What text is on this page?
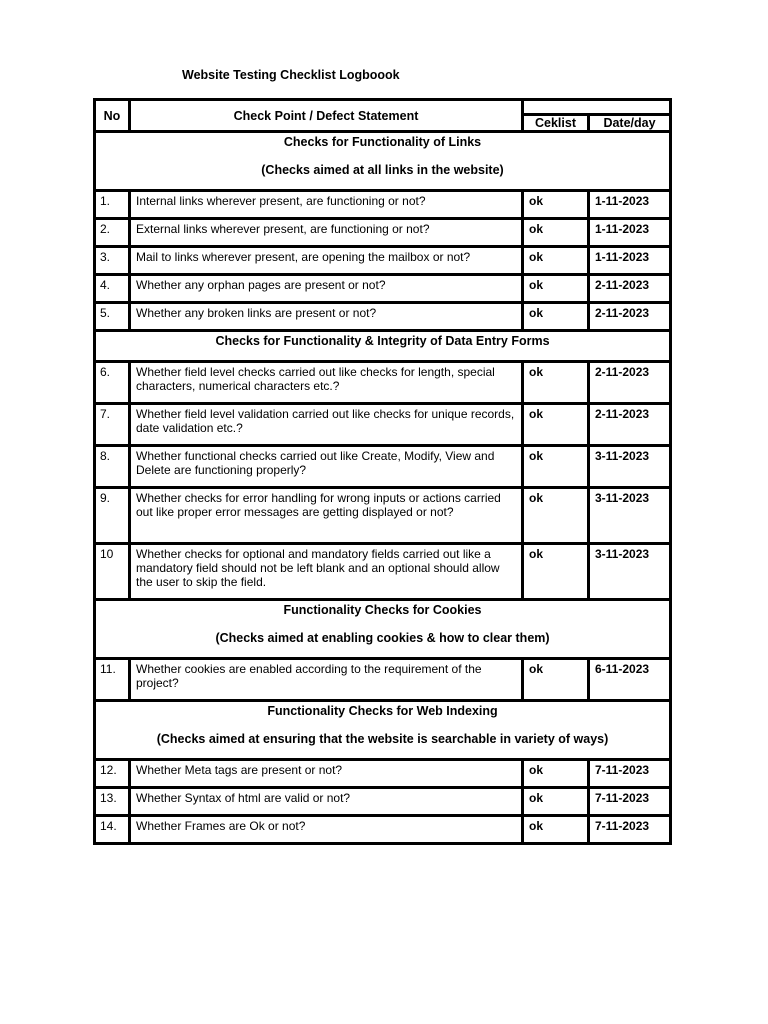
Website Testing Checklist Logboook
No	Check Point / Defect Statement		
		Ceklist	Date/day

Checks for Functionality of Links
(Checks aimed at all links in the website)			

1.	Internal links wherever present, are functioning or not?	ok	1-11-2023
2.	External links wherever present, are functioning or not?	ok	1-11-2023
3.	Mail to links wherever present, are opening the mailbox or not?	ok	1-11-2023
4.	Whether any orphan pages are present or not?	ok	2-11-2023
5.	Whether any broken links are present or not?	ok	2-11-2023

Checks for Functionality & Integrity of Data Entry Forms			

6.	Whether field level checks carried out like checks for length, special characters, numerical characters etc.?	ok	2-11-2023
7.	Whether field level validation carried out like checks for unique records, date validation etc.?	ok	2-11-2023
8.	Whether functional checks carried out like Create, Modify, View and Delete are functioning properly?	ok	3-11-2023
9.	Whether checks for error handling for wrong inputs or actions carried out like proper error messages are getting displayed or not?	ok	3-11-2023
10	Whether checks for optional and mandatory fields carried out like a mandatory field should not be left blank and an optional should allow the user to skip the field.	ok	3-11-2023

Functionality Checks for Cookies
(Checks aimed at enabling cookies & how to clear them)			

11.	Whether cookies are enabled according to the requirement of the project?	ok	6-11-2023

Functionality Checks for Web Indexing
(Checks aimed at ensuring that the website is searchable in variety of ways)			

12.	Whether Meta tags are present or not?	ok	7-11-2023
13.	Whether Syntax of html are valid or not?	ok	7-11-2023
14.	Whether Frames are Ok or not?	ok	7-11-2023
